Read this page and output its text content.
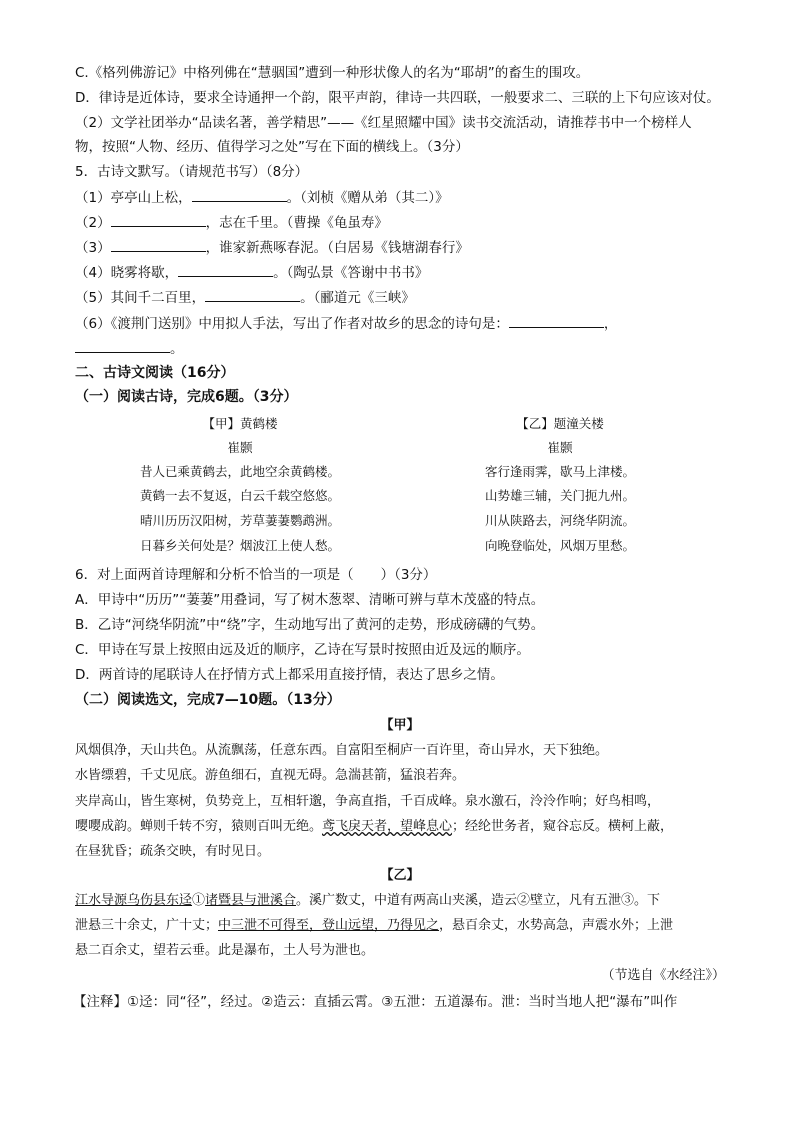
C.《格列佛游记》中格列佛在“慧骃国”遭到一种形状像人的名为“耶胡”的畜生的围攻。
D．律诗是近体诗，要求全诗通押一个韵，限平声韵，律诗一共四联，一般要求二、三联的上下句应该对仗。
（2）文学社团举办“品读名著，善学精思”——《红星照耀中国》读书交流活动，请推荐书中一个榜样人
物，按照“人物、经历、值得学习之处”写在下面的横线上。（3分）
5．古诗文默写。（请规范书写）（8分）
（1）亭亭山上松，	。（刘桢《赠从弟（其二）》
（2）	，志在千里。（曹操《龟虽寿》
（3）	，谁家新燕啄春泥。（白居易《钱塘湖春行》
（4）晓雾将歇，	。（陶弘景《答谢中书书》
（5）其间千二百里，	。（郦道元《三峡》
（6）《渡荆门送别》中用拟人手法，写出了作者对故乡的思念的诗句是：	，
。
二、古诗文阅读（16分）
（一）阅读古诗，完成6题。（3分）
【甲】黄鹤楼
崔颢
昔人已乘黄鹤去，此地空余黄鹤楼。
黄鹤一去不复返，白云千载空悠悠。
晴川历历汉阳树，芳草萋萋鹦鹉洲。
日暮乡关何处是？烟波江上使人愁。
【乙】题潼关楼
崔颢
客行逢雨霁，歇马上津楼。
山势雄三辅，关门扼九州。
川从陕路去，河绕华阴流。
向晚登临处，风烟万里愁。
6．对上面两首诗理解和分析不恰当的一项是（　　）（3分）
A．甲诗中“历历”“萋萋”用叠词，写了树木葱翠、清晰可辨与草木茂盛的特点。
B．乙诗“河绕华阴流”中“绕”字，生动地写出了黄河的走势，形成磅礴的气势。
C．甲诗在写景上按照由远及近的顺序，乙诗在写景时按照由近及远的顺序。
D．两首诗的尾联诗人在抒情方式上都采用直接抒情，表达了思乡之情。
（二）阅读选文，完成7—10题。（13分）
【甲】
风烟俱净，天山共色。从流飘荡，任意东西。自富阳至桐庐一百许里，奇山异水，天下独绝。
水皆缥碧，千丈见底。游鱼细石，直视无碍。急湍甚箭，猛浪若奔。
夹岸高山，皆生寒树，负势竞上，互相轩邈，争高直指，千百成峰。泉水激石，泠泠作响；好鸟相鸣，
嘤嘤成韵。蝉则千转不穷，猿则百叫无绝。鸢飞戾天者，望峰息心；经纶世务者，窥谷忘反。横柯上蔽，
在昼犹昏；疏条交映，有时见日。
【乙】
江水导源乌伤县东迳①诸暨县与泄溪合。溪广数丈，中道有两高山夹溪，造云②壁立，凡有五泄③。下
泄悬三十余丈，广十丈；中三泄不可得至，登山远望，乃得见之，悬百余丈，水势高急，声震水外；上泄
悬二百余丈，望若云垂。此是瀑布，土人号为泄也。
（节选自《水经注》）
【注释】①迳：同“径”，经过。②造云：直插云霄。③五泄：五道瀑布。泄：当时当地人把“瀑布”叫作
